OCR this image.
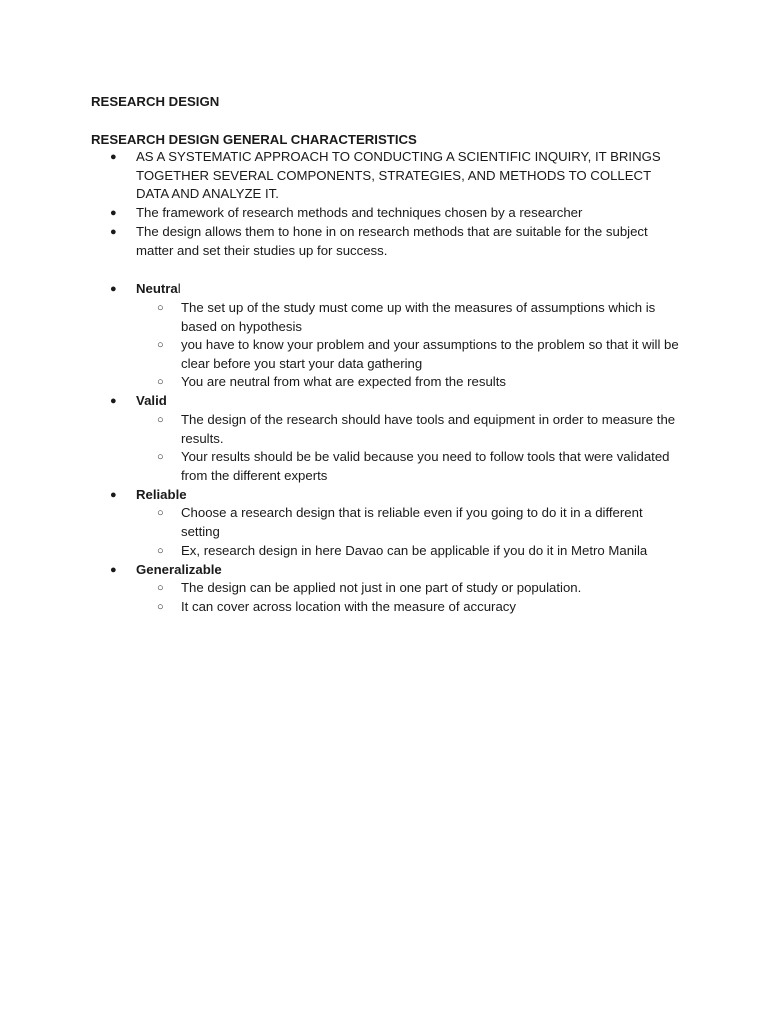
RESEARCH DESIGN
RESEARCH DESIGN GENERAL CHARACTERISTICS
●	AS A SYSTEMATIC APPROACH TO CONDUCTING A SCIENTIFIC INQUIRY, IT BRINGS TOGETHER SEVERAL COMPONENTS, STRATEGIES, AND METHODS TO COLLECT DATA AND ANALYZE IT.
●	The framework of research methods and techniques chosen by a researcher
●	The design allows them to hone in on research methods that are suitable for the subject matter and set their studies up for success.
●	Neutral
○ The set up of the study must come up with the measures of assumptions which is based on hypothesis
○ you have to know your problem and your assumptions to the problem so that it will be clear before you start your data gathering
○ You are neutral from what are expected from the results
●	Valid
○ The design of the research should have tools and equipment in order to measure the results.
○ Your results should be be valid because you need to follow tools that were validated from the different experts
●	Reliable
○ Choose a research design that is reliable even if you going to do it in a different setting
○ Ex, research design in here Davao can be applicable if you do it in Metro Manila
●	Generalizable
○ The design can be applied not just in one part of study or population.
○ It can cover across location with the measure of accuracy
